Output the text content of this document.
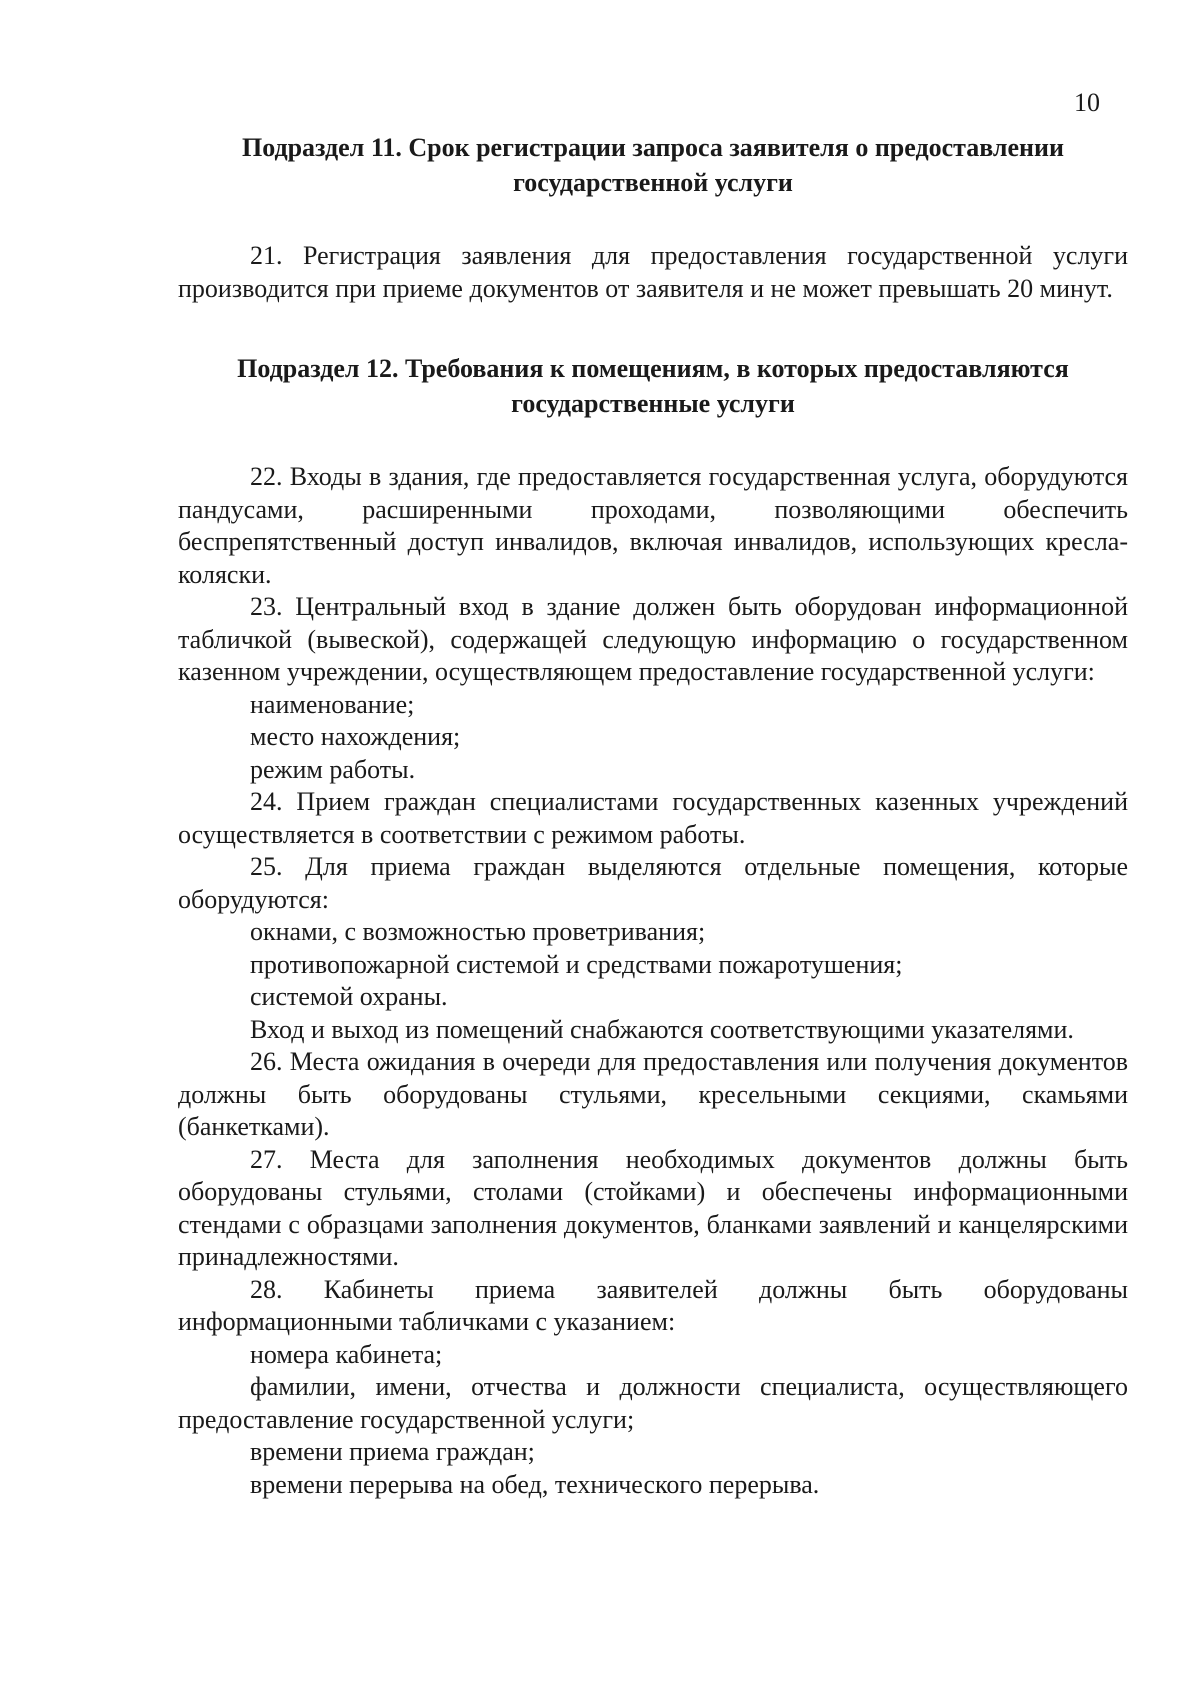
10
Подраздел 11. Срок регистрации запроса заявителя о предоставлении
государственной услуги

21. Регистрация заявления для предоставления государственной услуги производится при приеме документов от заявителя и не может превышать 20 минут.

Подраздел 12. Требования к помещениям, в которых предоставляются
государственные услуги

22. Входы в здания, где предоставляется государственная услуга, оборудуются пандусами, расширенными проходами, позволяющими обеспечить беспрепятственный доступ инвалидов, включая инвалидов, использующих кресла-коляски.

23. Центральный вход в здание должен быть оборудован информационной табличкой (вывеской), содержащей следующую информацию о государственном казенном учреждении, осуществляющем предоставление государственной услуги:

наименование;

место нахождения;

режим работы.

24. Прием граждан специалистами государственных казенных учреждений осуществляется в соответствии с режимом работы.

25. Для приема граждан выделяются отдельные помещения, которые оборудуются:

окнами, с возможностью проветривания;

противопожарной системой и средствами пожаротушения;

системой охраны.

Вход и выход из помещений снабжаются соответствующими указателями.

26. Места ожидания в очереди для предоставления или получения документов должны быть оборудованы стульями, кресельными секциями, скамьями (банкетками).

27. Места для заполнения необходимых документов должны быть оборудованы стульями, столами (стойками) и обеспечены информационными стендами с образцами заполнения документов, бланками заявлений и канцелярскими принадлежностями.

28. Кабинеты приема заявителей должны быть оборудованы информационными табличками с указанием:

номера кабинета;

фамилии, имени, отчества и должности специалиста, осуществляющего предоставление государственной услуги;

времени приема граждан;

времени перерыва на обед, технического перерыва.
